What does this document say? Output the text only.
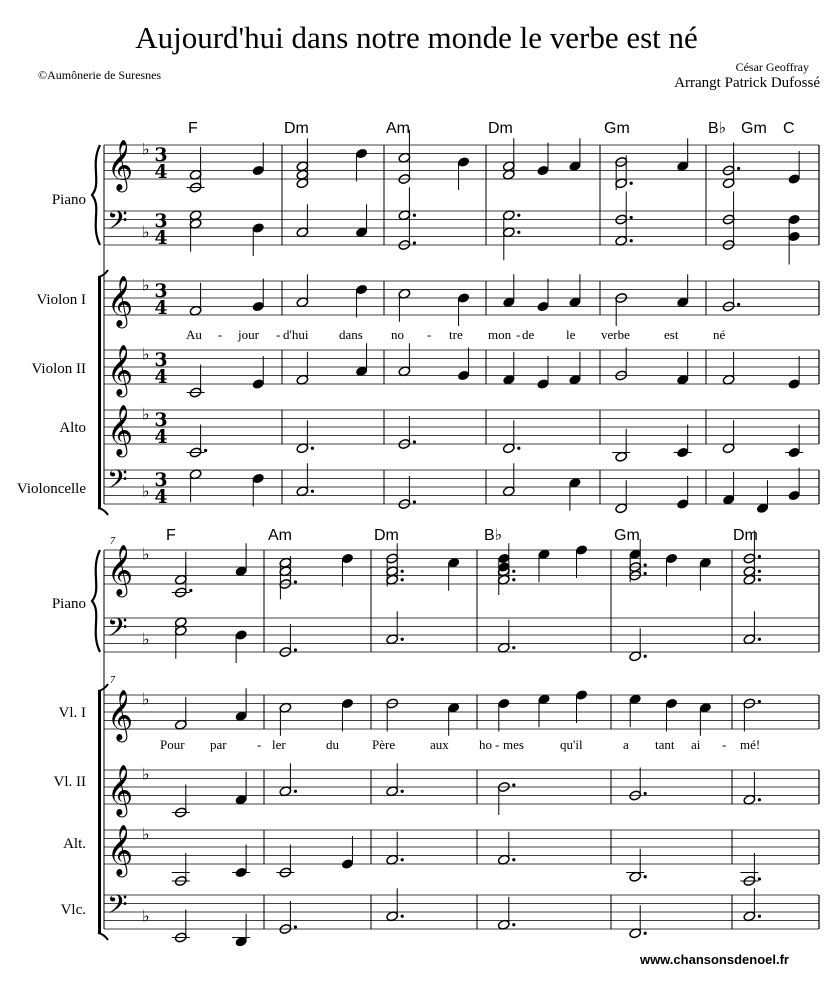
Aujourd'hui dans notre monde le verbe est né
©Aumônerie de Suresnes
César Geoffray
Arrangt Patrick Dufossé
www.chansonsdenoel.fr
Piano
Violon I
Violon II
Alto
Violoncelle
F	Dm	Am	Dm	Gm	B♭ Gm C
Au - jour - d'hui dans no - tre mon - de le verbe	est	né
7
Piano
7
Vl. I
Vl. II
Alt.
Vlc.
F	Am	Dm	B♭	Gm	Dm
Pour par - ler	du	Père	aux ho - mes	qu'il	a tant ai - mé!
𝄞 ♭ 3
4
𝄢 ♭ 3
4
𝄞 ♭ 3
4
𝄞 ♭ 3
4
𝄞 ♭ 3
4
𝄢 ♭ 3
4
𝄞 ♭
𝄢 ♭
𝄞 ♭
𝄞 ♭
𝄞 ♭
𝄢 ♭
